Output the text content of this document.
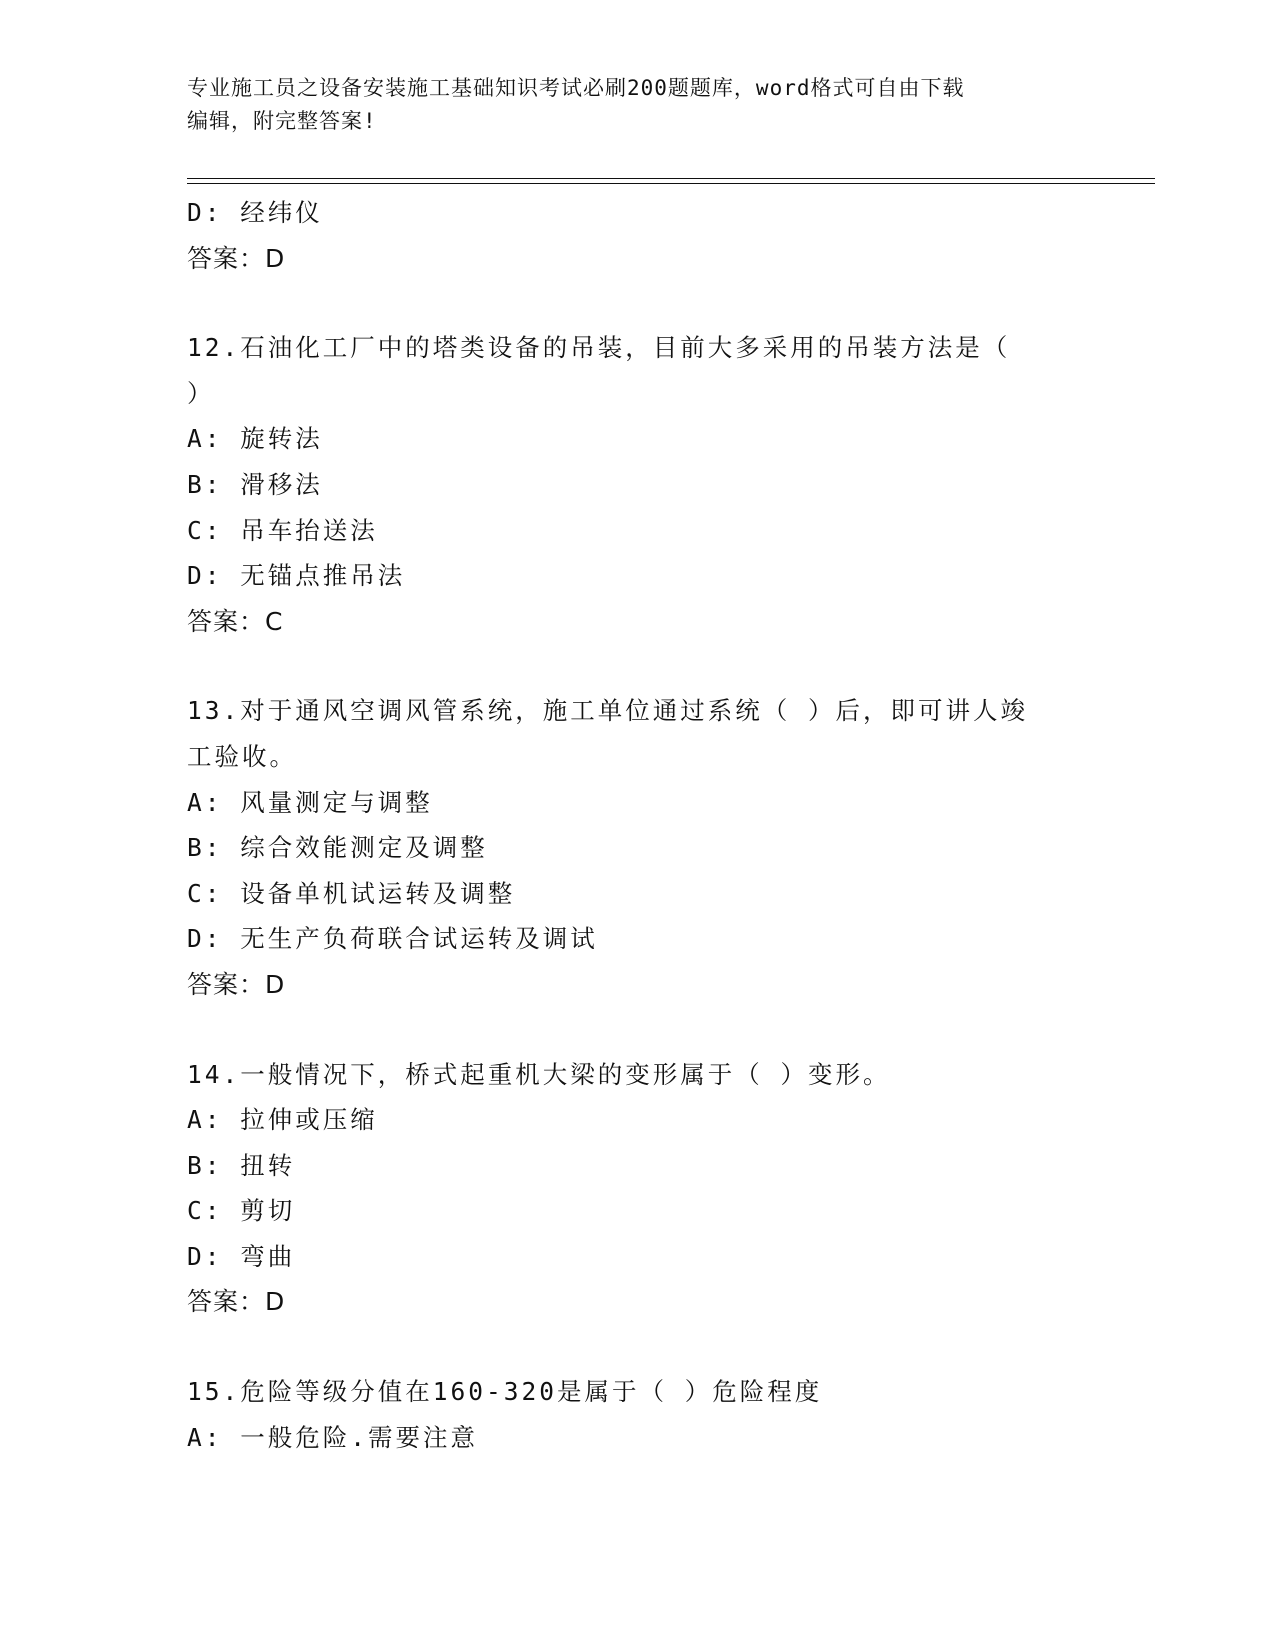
专业施工员之设备安装施工基础知识考试必刷200题题库，word格式可自由下载
编辑，附完整答案!
D: 经纬仪
答案：D
12.石油化工厂中的塔类设备的吊装，目前大多采用的吊装方法是（
）
A: 旋转法
B: 滑移法
C: 吊车抬送法
D: 无锚点推吊法
答案：C
13.对于通风空调风管系统，施工单位通过系统（ ）后，即可讲人竣
工验收。
A: 风量测定与调整
B: 综合效能测定及调整
C: 设备单机试运转及调整
D: 无生产负荷联合试运转及调试
答案：D
14.一般情况下，桥式起重机大梁的变形属于（ ）变形。
A: 拉伸或压缩
B: 扭转
C: 剪切
D: 弯曲
答案：D
15.危险等级分值在160-320是属于（ ）危险程度
A: 一般危险.需要注意
